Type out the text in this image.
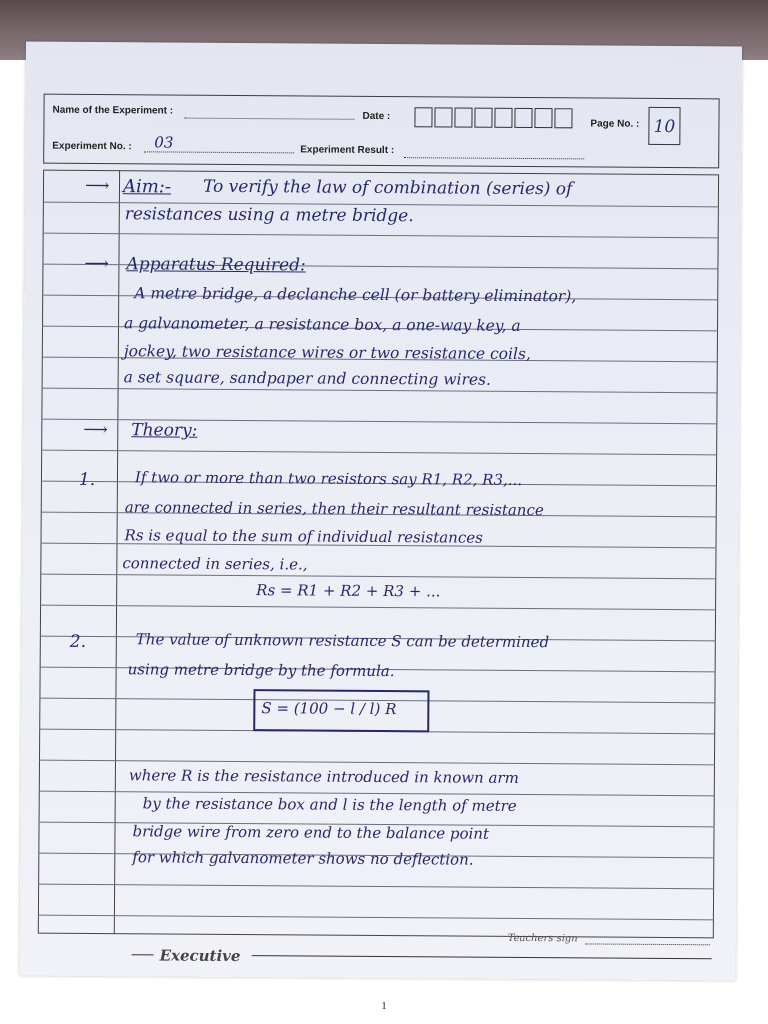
Name of the Experiment :	Date :
Page No. : 10
Experiment No. : 03	Experiment Result :
⟶ Aim:- To verify the law of combination (series) of
resistances using a metre bridge.
⟶ Apparatus Required:
A metre bridge, a declanche cell (or battery eliminator),
a galvanometer, a resistance box, a one-way key, a
jockey, two resistance wires or two resistance coils,
a set square, sandpaper and connecting wires.
⟶ Theory:
1.	If two or more than two resistors say R1, R2, R3,...
are connected in series, then their resultant resistance
Rs is equal to the sum of individual resistances
connected in series, i.e.,
Rs = R1 + R2 + R3 + ...
2.	The value of unknown resistance S can be determined
using metre bridge by the formula.
S = (100 − l / l) R
where R is the resistance introduced in known arm
by the resistance box and l is the length of metre
bridge wire from zero end to the balance point
for which galvanometer shows no deflection.
Teachers sign
Executive
1
